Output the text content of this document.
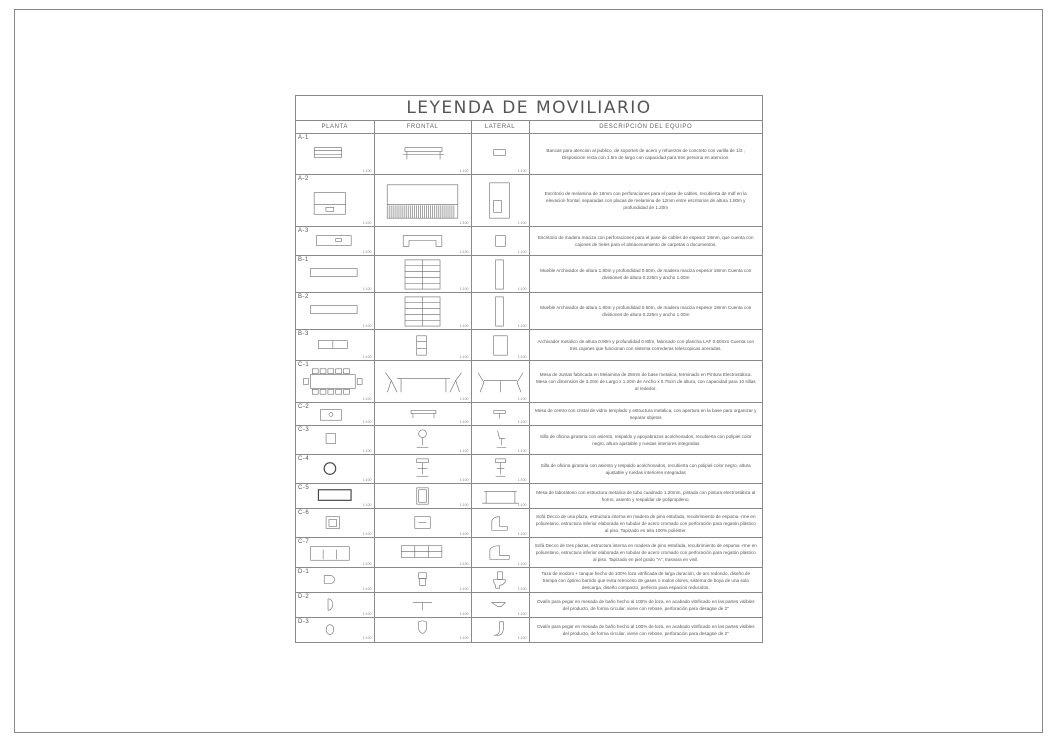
LEYENDA DE MOVILIARIO
PLANTA	FRONTAL	LATERAL	DESCRIPCIÓN DEL EQUIPO

A-1
1:100	1:100	1:100	Bancas para atencion al publico, de soportes de acero y refuerzos de concreto con varilla de 1/2 , Disposicion recta con 1.5m de largo con capacidad para tres persona en atencion.

A-2
1:100	1:100	1:100	Escritorio de melamina de 18mm con perforaciones para el pase de cables, recubierta de mdf en la elevacion frontal, separadas con placas de melamina de 12mm entre escritorios de altura 1.80m y profundidad de 1.20m

A-3
1:100	1:100	1:100	Escritorio de madera maciza con perforaciones para el pase de cables de espesor 18mm, que cuenta con cajones de rieles para el almacenamiento de carpetas o documentos.

B-1
1:100	1:100	1:100	Mueble Archivador de altura 1.80m y profundidad 0.60m, de madera maciza espesor 18mm Cuenta con divisiones de altura 0.225m y ancho 1.00m

B-2
1:100	1:100	1:100	Mueble Archivador de altura 1.80m y profundidad 0.50m, de madera maciza espesor 18mm Cuenta con divisiones de altura 0.225m y ancho 1.00m

B-3
1:100	1:100	1:100	Archivador metalico de altura 0.90m y profundidad 0.80m, fabricado con plancha LAF 0.60mm Cuenta con tres cajones que funcionan con sistema correderas telescopicas aceradas.

C-1
1:100	1:100	1:100	Mesa de Juntas fabricada en Melamina de 28mm de base metalica, terminado en Pintura Electrostática. Mesa con dimension de 3.20m de Largo x 1.20m de Ancho x 0.75cm de altura, con capacidad para 10 sillas al rededor.

C-2
1:100	1:100	1:100	Mesa de centro con cristal de vidrio templado y estructura metalica, con apertura en la base para organizar y separar objetos

C-3
1:100	1:100	1:100	Silla de oficina giratoria con asiento, respaldo y apoyabrazos acolchonados, recubierta con polipiel color negro, altura ajustable y ruedas interiores integradas

C-4
1:100	1:100	1:100	Silla de oficina giratoria con asiento y respaldo acolchonados, recubierta con polipiel color negro, altura ajustable y ruedas interiores integradas

C-5
1:100	1:100	1:100	Mesa de laboratorio con estructura metalica de tubo cuadrado 1.20mm, pintada con pintura electrostática al horno, asiento y respaldar de polipropileno.

C-6
1:100	1:100	1:100	Sofá Decco de una plaza, estructura interna en madera de pino estufada, recubrimiento de espuma -rme en poliuretano, estructura inferior elaborada en tubular de acero cromado con perforación para regatón plástico al piso. Tapizado en tela 100% poliéster.

C-7
1:100	1:100	1:100	Sofá Decco de tres plazas, estructura interna en madera de pino estufada, recubrimiento de espuma -rme en poliuretano, estructura inferior elaborada en tubular de acero cromado con perforación para regatón plástico al piso. Tapizado en piel grado "A", trasvara en vinil.

D-1
1:100	1:100	1:100	Taza de inodoro + tanque hecho de 100% loza vitrificada de larga duración, de aro redondo, diseño de trampa con óptimo barrido que evita retroceso de gases o malos olores, sistema de boya de una sola descarga, diseño compacto, perfecto para espacios reducidos.

D-2
1:100	1:100	1:100	Ovalín para pegar en mesada de baño hecho al 100% de loza, en acabado vitrificado en las partes visibles del producto, de forma circular, viene con rebose, perforación para desagüe de 2"

D-3
1:100	1:100	1:100	Ovalín para pegar en mesada de baño hecho al 100% de loza, en acabado vitrificado en las partes visibles del producto, de forma circular, viene con rebose, perforación para desagüe de 2"
